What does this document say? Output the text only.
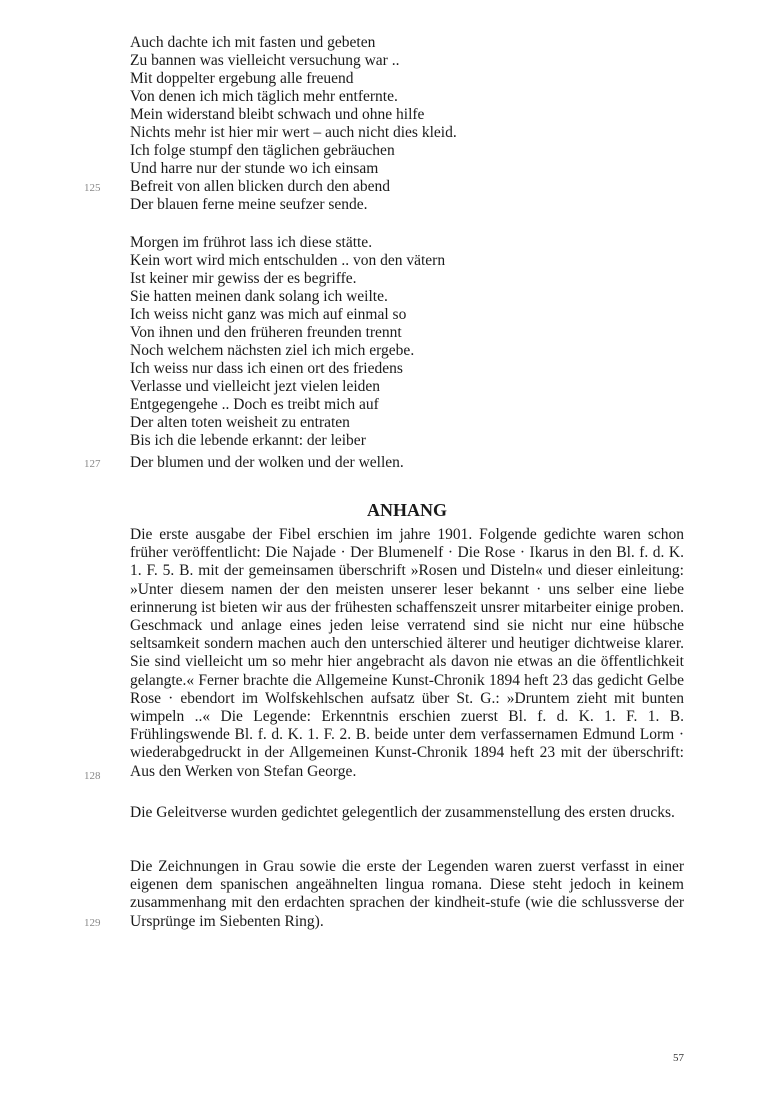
Auch dachte ich mit fasten und gebeten
Zu bannen was vielleicht versuchung war ..
Mit doppelter ergebung alle freuend
Von denen ich mich täglich mehr entfernte.
Mein widerstand bleibt schwach und ohne hilfe
Nichts mehr ist hier mir wert – auch nicht dies kleid.
Ich folge stumpf den täglichen gebräuchen
Und harre nur der stunde wo ich einsam
125 Befreit von allen blicken durch den abend
Der blauen ferne meine seufzer sende.
Morgen im frührot lass ich diese stätte.
Kein wort wird mich entschulden .. von den vätern
Ist keiner mir gewiss der es begriffe.
Sie hatten meinen dank solang ich weilte.
Ich weiss nicht ganz was mich auf einmal so
Von ihnen und den früheren freunden trennt
Noch welchem nächsten ziel ich mich ergebe.
Ich weiss nur dass ich einen ort des friedens
Verlasse und vielleicht jezt vielen leiden
Entgegengehe .. Doch es treibt mich auf
Der alten toten weisheit zu entraten
Bis ich die lebende erkannt: der leiber
127 Der blumen und der wolken und der wellen.
ANHANG
Die erste ausgabe der Fibel erschien im jahre 1901. Folgende gedichte waren schon früher veröffentlicht: Die Najade · Der Blumenelf · Die Rose · Ikarus in den Bl. f. d. K. 1. F. 5. B. mit der gemeinsamen überschrift »Rosen und Disteln« und dieser einleitung: »Unter diesem namen der den meisten unserer leser bekannt · uns selber eine liebe erinnerung ist bieten wir aus der frühesten schaffenszeit unsrer mitarbeiter einige proben. Geschmack und anlage eines jeden leise verratend sind sie nicht nur eine hübsche seltsamkeit sondern machen auch den unterschied älterer und heutiger dichtweise klarer. Sie sind vielleicht um so mehr hier angebracht als davon nie etwas an die öffentlichkeit gelangte.« Ferner brachte die Allgemeine Kunst-Chronik 1894 heft 23 das gedicht Gelbe Rose · ebendort im Wolfskehlschen aufsatz über St. G.: »Druntem zieht mit bunten wimpeln ..« Die Legende: Erkenntnis erschien zuerst Bl. f. d. K. 1. F. 1. B. Frühlingswende Bl. f. d. K. 1. F. 2. B. beide unter dem verfassernamen Edmund Lorm · wiederabgedruckt in der Allgemeinen Kunst-Chronik 1894 heft 23 mit der überschrift: Aus den Werken von Stefan George.
128
Die Geleitverse wurden gedichtet gelegentlich der zusammenstellung des ersten drucks.
Die Zeichnungen in Grau sowie die erste der Legenden waren zuerst verfasst in einer eigenen dem spanischen angeähnelten lingua romana. Diese steht jedoch in keinem zusammenhang mit den erdachten sprachen der kindheit-stufe (wie die schlussverse der Ursprünge im Siebenten Ring).
129
57
